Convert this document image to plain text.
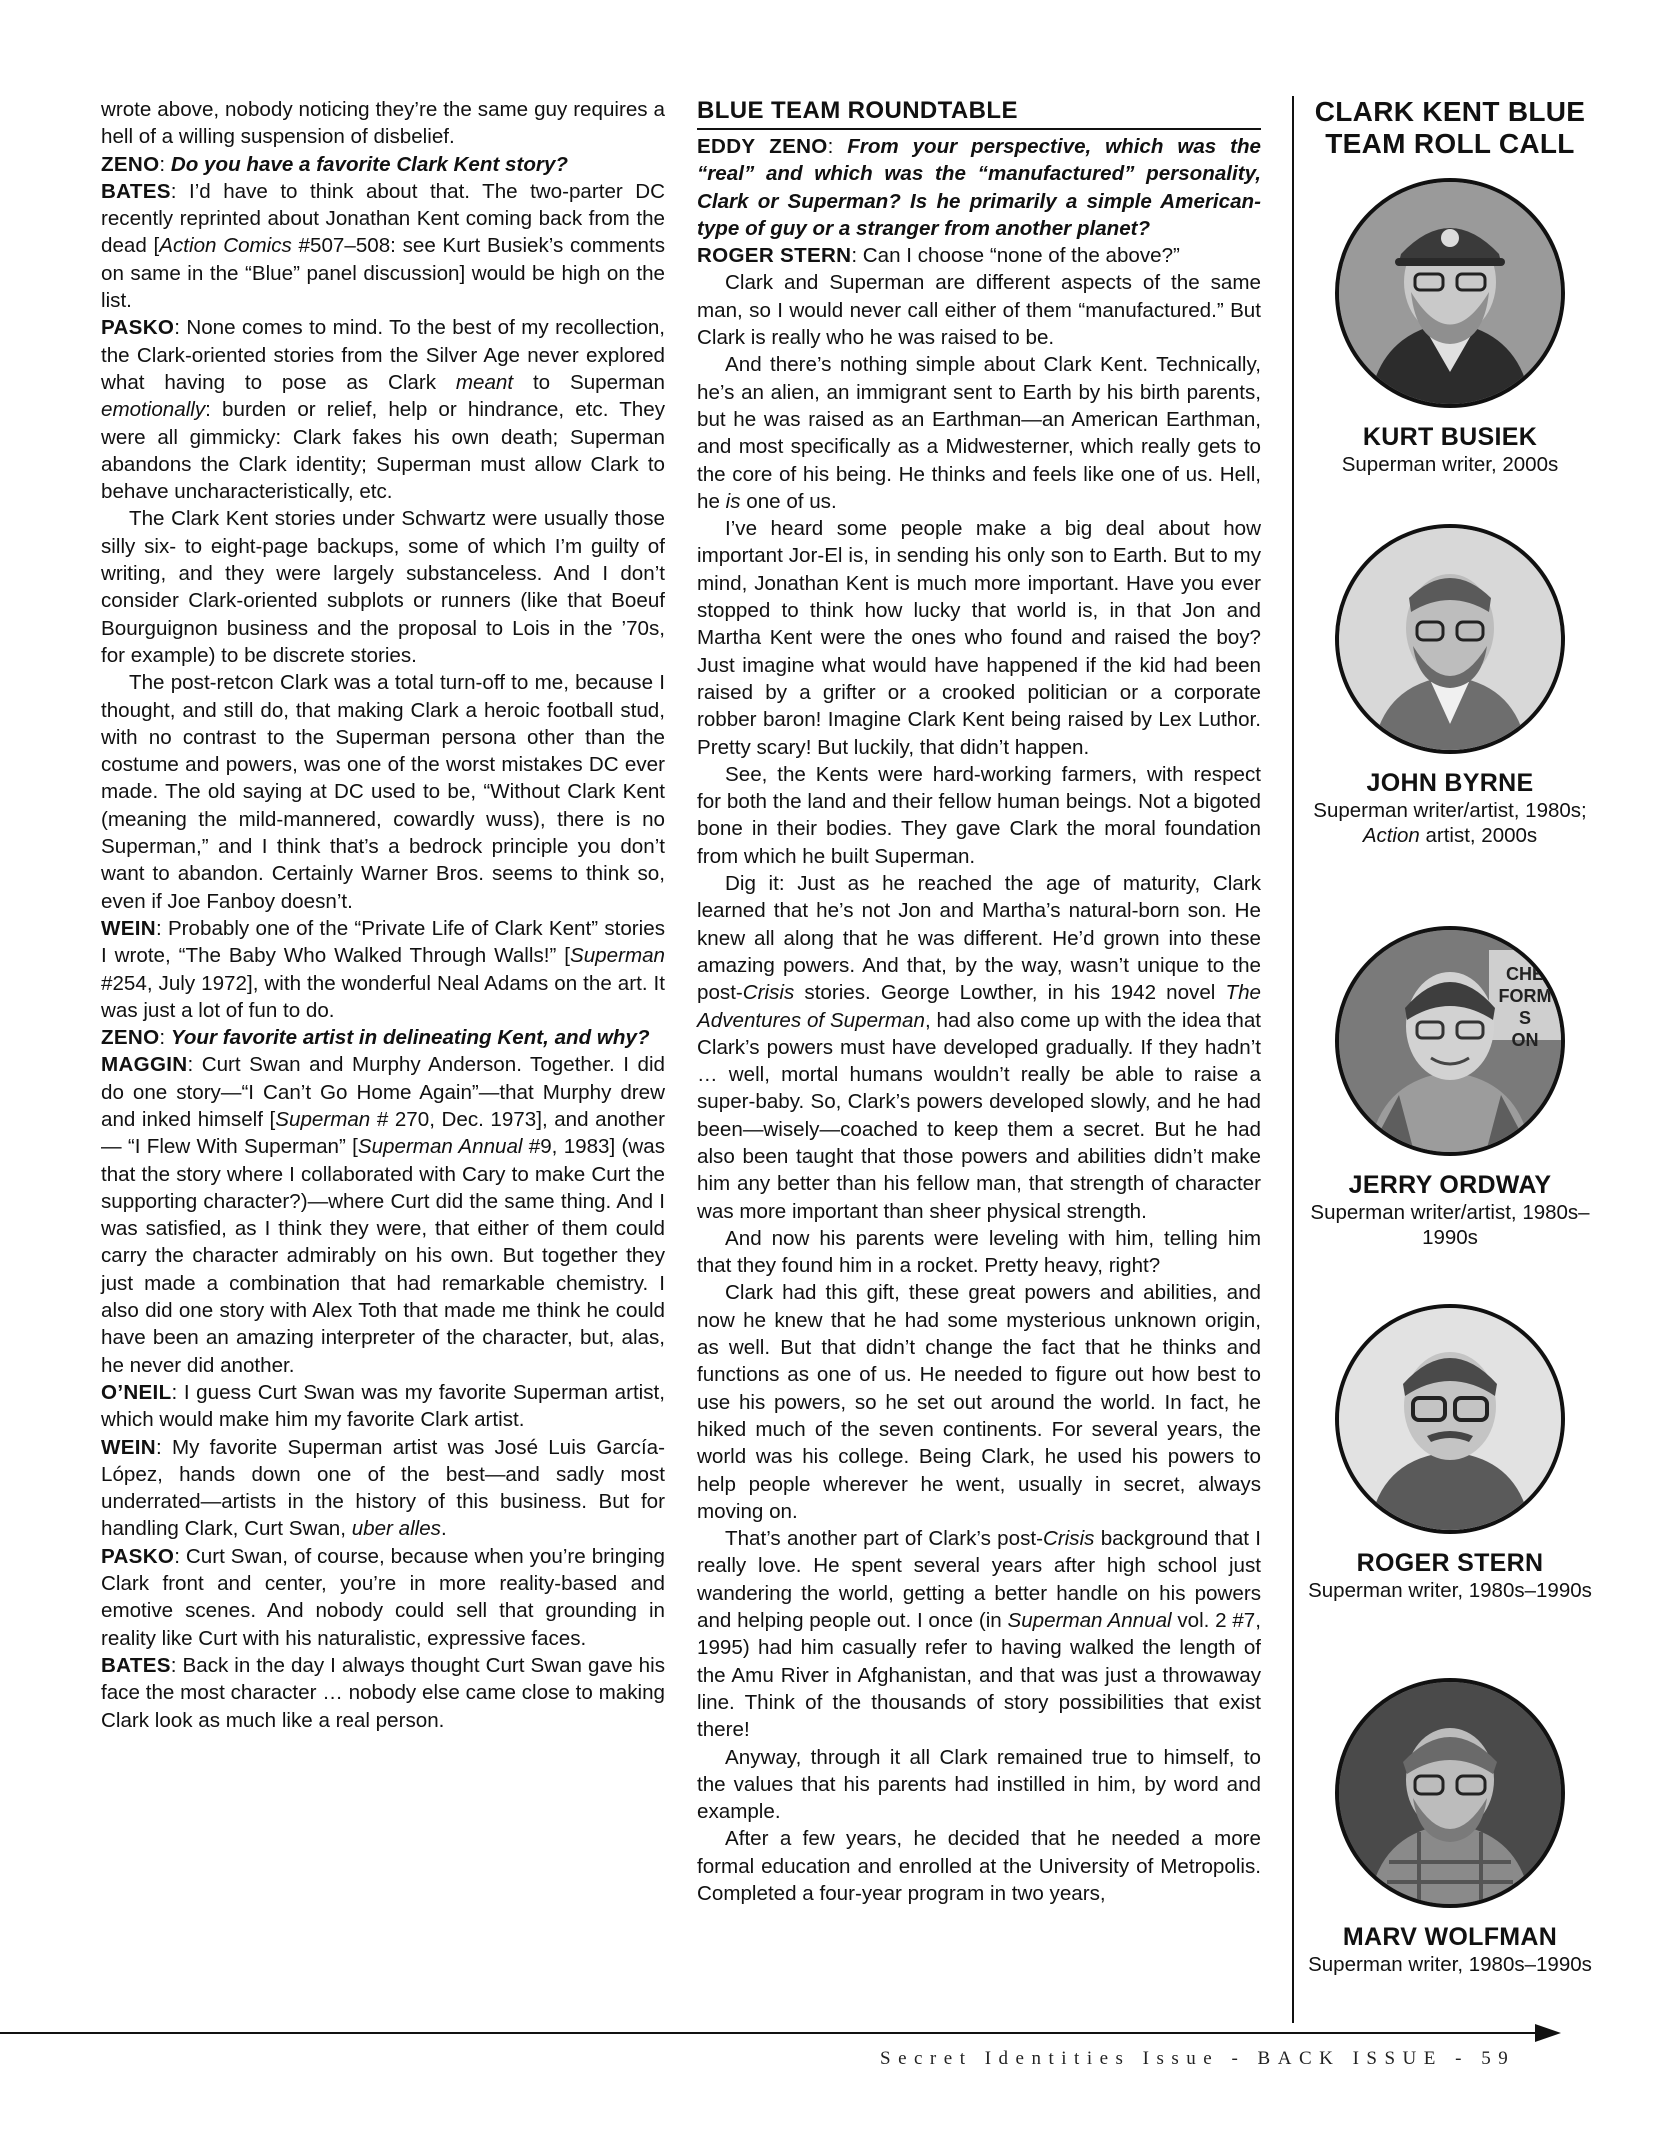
wrote above, nobody noticing they’re the same guy requires a hell of a willing suspension of disbelief.

ZENO: Do you have a favorite Clark Kent story?

BATES: I’d have to think about that. The two-parter DC recently reprinted about Jonathan Kent coming back from the dead [Action Comics #507–508: see Kurt Busiek’s comments on same in the “Blue” panel discussion] would be high on the list.

PASKO: None comes to mind. To the best of my recollection, the Clark-oriented stories from the Silver Age never explored what having to pose as Clark meant to Superman emotionally: burden or relief, help or hindrance, etc. They were all gimmicky: Clark fakes his own death; Superman abandons the Clark identity; Superman must allow Clark to behave uncharacteristically, etc.

The Clark Kent stories under Schwartz were usually those silly six- to eight-page backups, some of which I’m guilty of writing, and they were largely substanceless. And I don’t consider Clark-oriented subplots or runners (like that Boeuf Bourguignon business and the proposal to Lois in the ’70s, for example) to be discrete stories.

The post-retcon Clark was a total turn-off to me, because I thought, and still do, that making Clark a heroic football stud, with no contrast to the Superman persona other than the costume and powers, was one of the worst mistakes DC ever made. The old saying at DC used to be, “Without Clark Kent (meaning the mild-mannered, cowardly wuss), there is no Superman,” and I think that’s a bedrock principle you don’t want to abandon. Certainly Warner Bros. seems to think so, even if Joe Fanboy doesn’t.

WEIN: Probably one of the “Private Life of Clark Kent” stories I wrote, “The Baby Who Walked Through Walls!” [Superman #254, July 1972], with the wonderful Neal Adams on the art. It was just a lot of fun to do.

ZENO: Your favorite artist in delineating Kent, and why?

MAGGIN: Curt Swan and Murphy Anderson. Together. I did do one story—“I Can’t Go Home Again”—that Murphy drew and inked himself [Superman # 270, Dec. 1973], and another— “I Flew With Superman” [Superman Annual #9, 1983] (was that the story where I collaborated with Cary to make Curt the supporting character?)—where Curt did the same thing. And I was satisfied, as I think they were, that either of them could carry the character admirably on his own. But together they just made a combination that had remarkable chemistry. I also did one story with Alex Toth that made me think he could have been an amazing interpreter of the character, but, alas, he never did another.

O’NEIL: I guess Curt Swan was my favorite Superman artist, which would make him my favorite Clark artist.

WEIN: My favorite Superman artist was José Luis García-López, hands down one of the best—and sadly most underrated—artists in the history of this business. But for handling Clark, Curt Swan, uber alles.

PASKO: Curt Swan, of course, because when you’re bringing Clark front and center, you’re in more reality-based and emotive scenes. And nobody could sell that grounding in reality like Curt with his naturalistic, expressive faces.

BATES: Back in the day I always thought Curt Swan gave his face the most character … nobody else came close to making Clark look as much like a real person.

BLUE TEAM ROUNDTABLE

EDDY ZENO: From your perspective, which was the “real” and which was the “manufactured” personality, Clark or Superman? Is he primarily a simple American-type of guy or a stranger from another planet?

ROGER STERN: Can I choose “none of the above?”

Clark and Superman are different aspects of the same man, so I would never call either of them “manufactured.” But Clark is really who he was raised to be.

And there’s nothing simple about Clark Kent. Technically, he’s an alien, an immigrant sent to Earth by his birth parents, but he was raised as an Earthman—an American Earthman, and most specifically as a Midwesterner, which really gets to the core of his being. He thinks and feels like one of us. Hell, he is one of us.

I’ve heard some people make a big deal about how important Jor-El is, in sending his only son to Earth. But to my mind, Jonathan Kent is much more important. Have you ever stopped to think how lucky that world is, in that Jon and Martha Kent were the ones who found and raised the boy? Just imagine what would have happened if the kid had been raised by a grifter or a crooked politician or a corporate robber baron! Imagine Clark Kent being raised by Lex Luthor. Pretty scary! But luckily, that didn’t happen.

See, the Kents were hard-working farmers, with respect for both the land and their fellow human beings. Not a bigoted bone in their bodies. They gave Clark the moral foundation from which he built Superman.

Dig it: Just as he reached the age of maturity, Clark learned that he’s not Jon and Martha’s natural-born son. He knew all along that he was different. He’d grown into these amazing powers. And that, by the way, wasn’t unique to the post-Crisis stories. George Lowther, in his 1942 novel The Adventures of Superman, had also come up with the idea that Clark’s powers must have developed gradually. If they hadn’t … well, mortal humans wouldn’t really be able to raise a super-baby. So, Clark’s powers developed slowly, and he had been—wisely—coached to keep them a secret. But he had also been taught that those powers and abilities didn’t make him any better than his fellow man, that strength of character was more important than sheer physical strength.

And now his parents were leveling with him, telling him that they found him in a rocket. Pretty heavy, right?

Clark had this gift, these great powers and abilities, and now he knew that he had some mysterious unknown origin, as well. But that didn’t change the fact that he thinks and functions as one of us. He needed to figure out how best to use his powers, so he set out around the world. In fact, he hiked much of the seven continents. For several years, the world was his college. Being Clark, he used his powers to help people wherever he went, usually in secret, always moving on.

That’s another part of Clark’s post-Crisis background that I really love. He spent several years after high school just wandering the world, getting a better handle on his powers and helping people out. I once (in Superman Annual vol. 2 #7, 1995) had him casually refer to having walked the length of the Amu River in Afghanistan, and that was just a throwaway line. Think of the thousands of story possibilities that exist there!

Anyway, through it all Clark remained true to himself, to the values that his parents had instilled in him, by word and example.

After a few years, he decided that he needed a more formal education and enrolled at the University of Metropolis. Completed a four-year program in two years,

CLARK KENT BLUE TEAM ROLL CALL
KURT BUSIEK
Superman writer, 2000s
JOHN BYRNE
Superman writer/artist, 1980s; Action artist, 2000s
CHE FORM S ON
JERRY ORDWAY
Superman writer/artist, 1980s–1990s
ROGER STERN
Superman writer, 1980s–1990s
MARV WOLFMAN
Superman writer, 1980s–1990s
Secret Identities Issue - BACK ISSUE - 59
